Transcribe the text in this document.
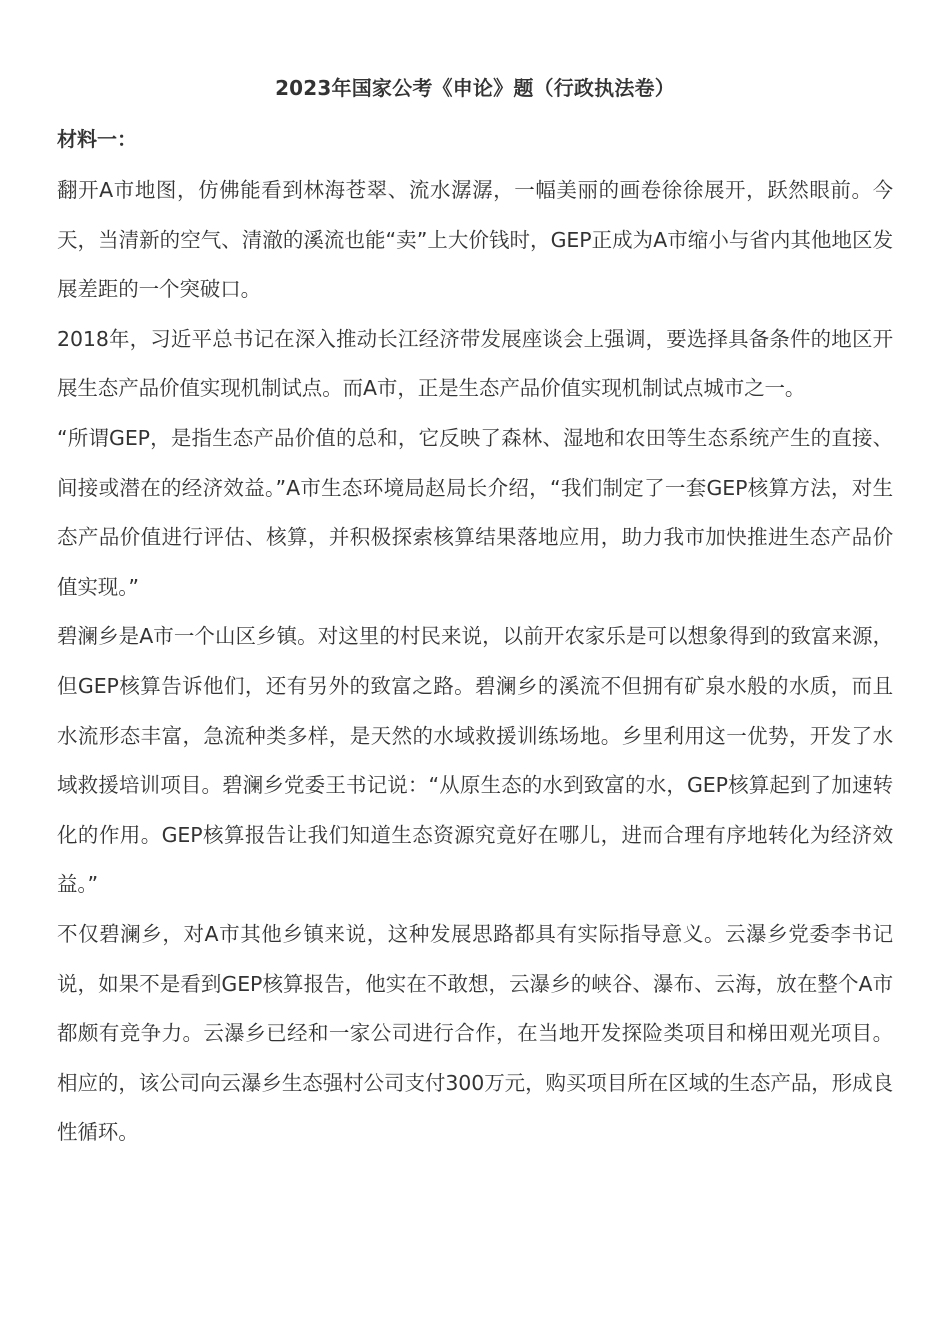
2023年国家公考《申论》题（行政执法卷）
材料一：

翻开A市地图，仿佛能看到林海苍翠、流水潺潺，一幅美丽的画卷徐徐展开，跃然眼前。今天，当清新的空气、清澈的溪流也能“卖”上大价钱时，GEP正成为A市缩小与省内其他地区发展差距的一个突破口。

2018年，习近平总书记在深入推动长江经济带发展座谈会上强调，要选择具备条件的地区开展生态产品价值实现机制试点。而A市，正是生态产品价值实现机制试点城市之一。

“所谓GEP，是指生态产品价值的总和，它反映了森林、湿地和农田等生态系统产生的直接、间接或潜在的经济效益。”A市生态环境局赵局长介绍，“我们制定了一套GEP核算方法，对生态产品价值进行评估、核算，并积极探索核算结果落地应用，助力我市加快推进生态产品价值实现。”

碧澜乡是A市一个山区乡镇。对这里的村民来说，以前开农家乐是可以想象得到的致富来源，但GEP核算告诉他们，还有另外的致富之路。碧澜乡的溪流不但拥有矿泉水般的水质，而且水流形态丰富，急流种类多样，是天然的水域救援训练场地。乡里利用这一优势，开发了水域救援培训项目。碧澜乡党委王书记说：“从原生态的水到致富的水，GEP核算起到了加速转化的作用。GEP核算报告让我们知道生态资源究竟好在哪儿，进而合理有序地转化为经济效益。”

不仅碧澜乡，对A市其他乡镇来说，这种发展思路都具有实际指导意义。云瀑乡党委李书记说，如果不是看到GEP核算报告，他实在不敢想，云瀑乡的峡谷、瀑布、云海，放在整个A市都颇有竞争力。云瀑乡已经和一家公司进行合作，在当地开发探险类项目和梯田观光项目。相应的，该公司向云瀑乡生态强村公司支付300万元，购买项目所在区域的生态产品，形成良性循环。
